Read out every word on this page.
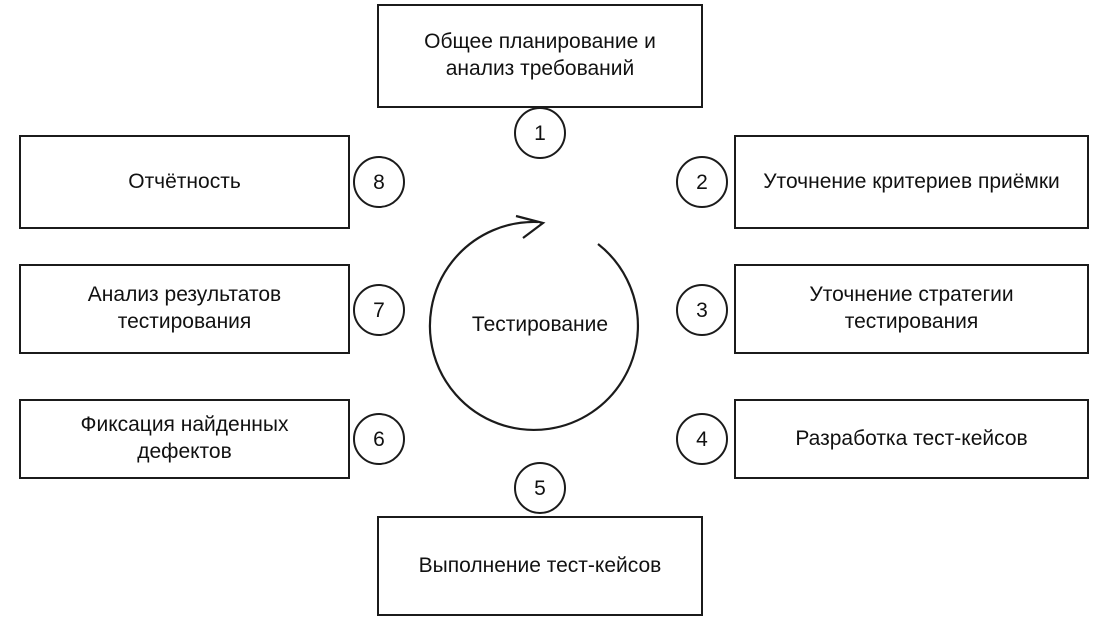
Тестирование
Общее планирование и анализ требований
1
Уточнение критериев приёмки
2
Уточнение стратегии тестирования
3
Разработка тест-кейсов
4
Выполнение тест-кейсов
5
Фиксация найденных дефектов
6
Анализ результатов тестирования	7
Отчётность	8
